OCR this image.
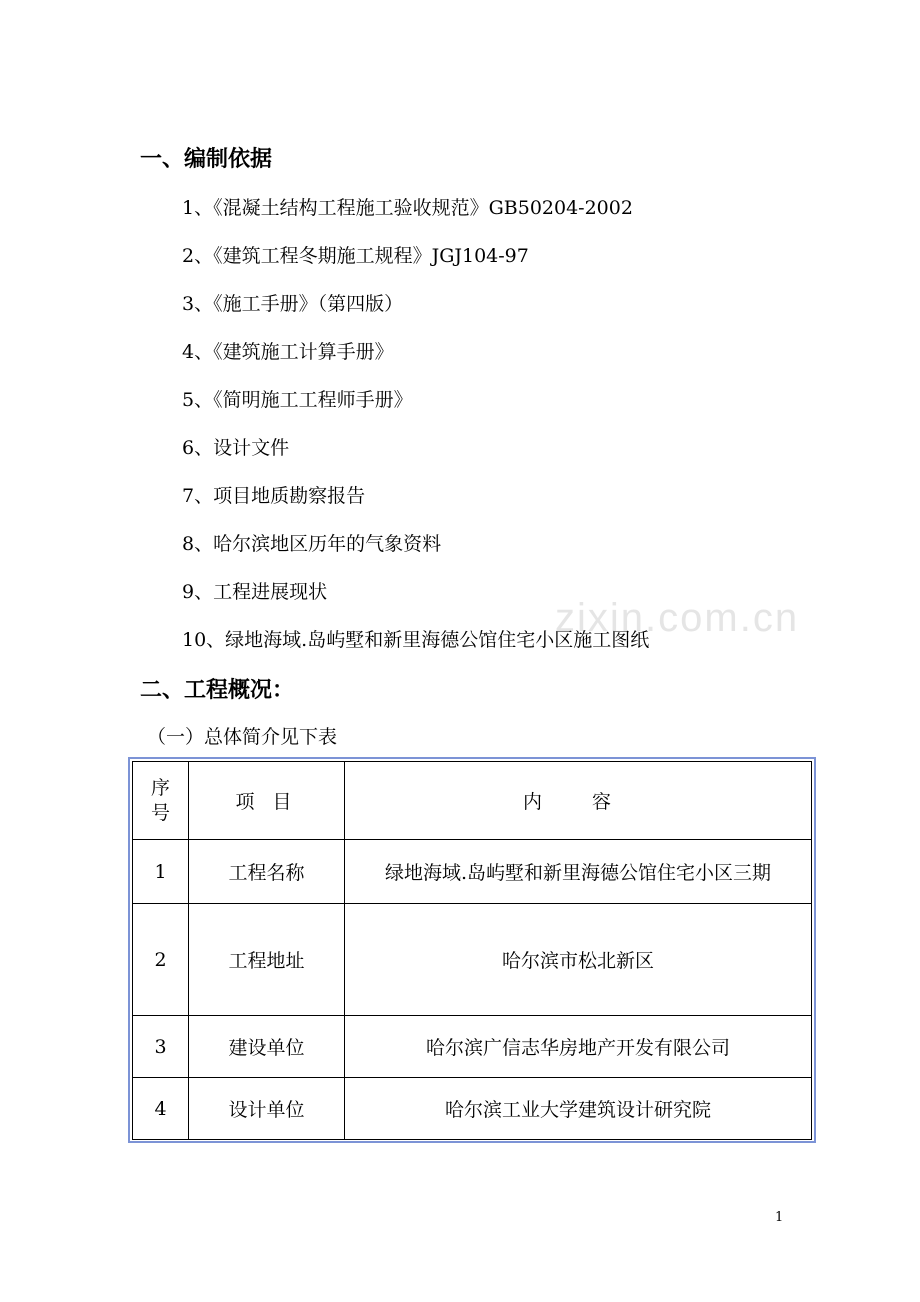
zixin.com.cn
一、编制依据
1、《混凝土结构工程施工验收规范》GB50204-2002
2、《建筑工程冬期施工规程》JGJ104-97
3、《施工手册》（第四版）
4、《建筑施工计算手册》
5、《简明施工工程师手册》
6、设计文件
7、项目地质勘察报告
8、哈尔滨地区历年的气象资料
9、工程进展现状
10、绿地海域.岛屿墅和新里海德公馆住宅小区施工图纸
二、工程概况：
（一）总体简介见下表
序
号	项 目	内 容
1	工程名称	绿地海域.岛屿墅和新里海德公馆住宅小区三期
2	工程地址	哈尔滨市松北新区
3	建设单位	哈尔滨广信志华房地产开发有限公司
4	设计单位	哈尔滨工业大学建筑设计研究院
1
